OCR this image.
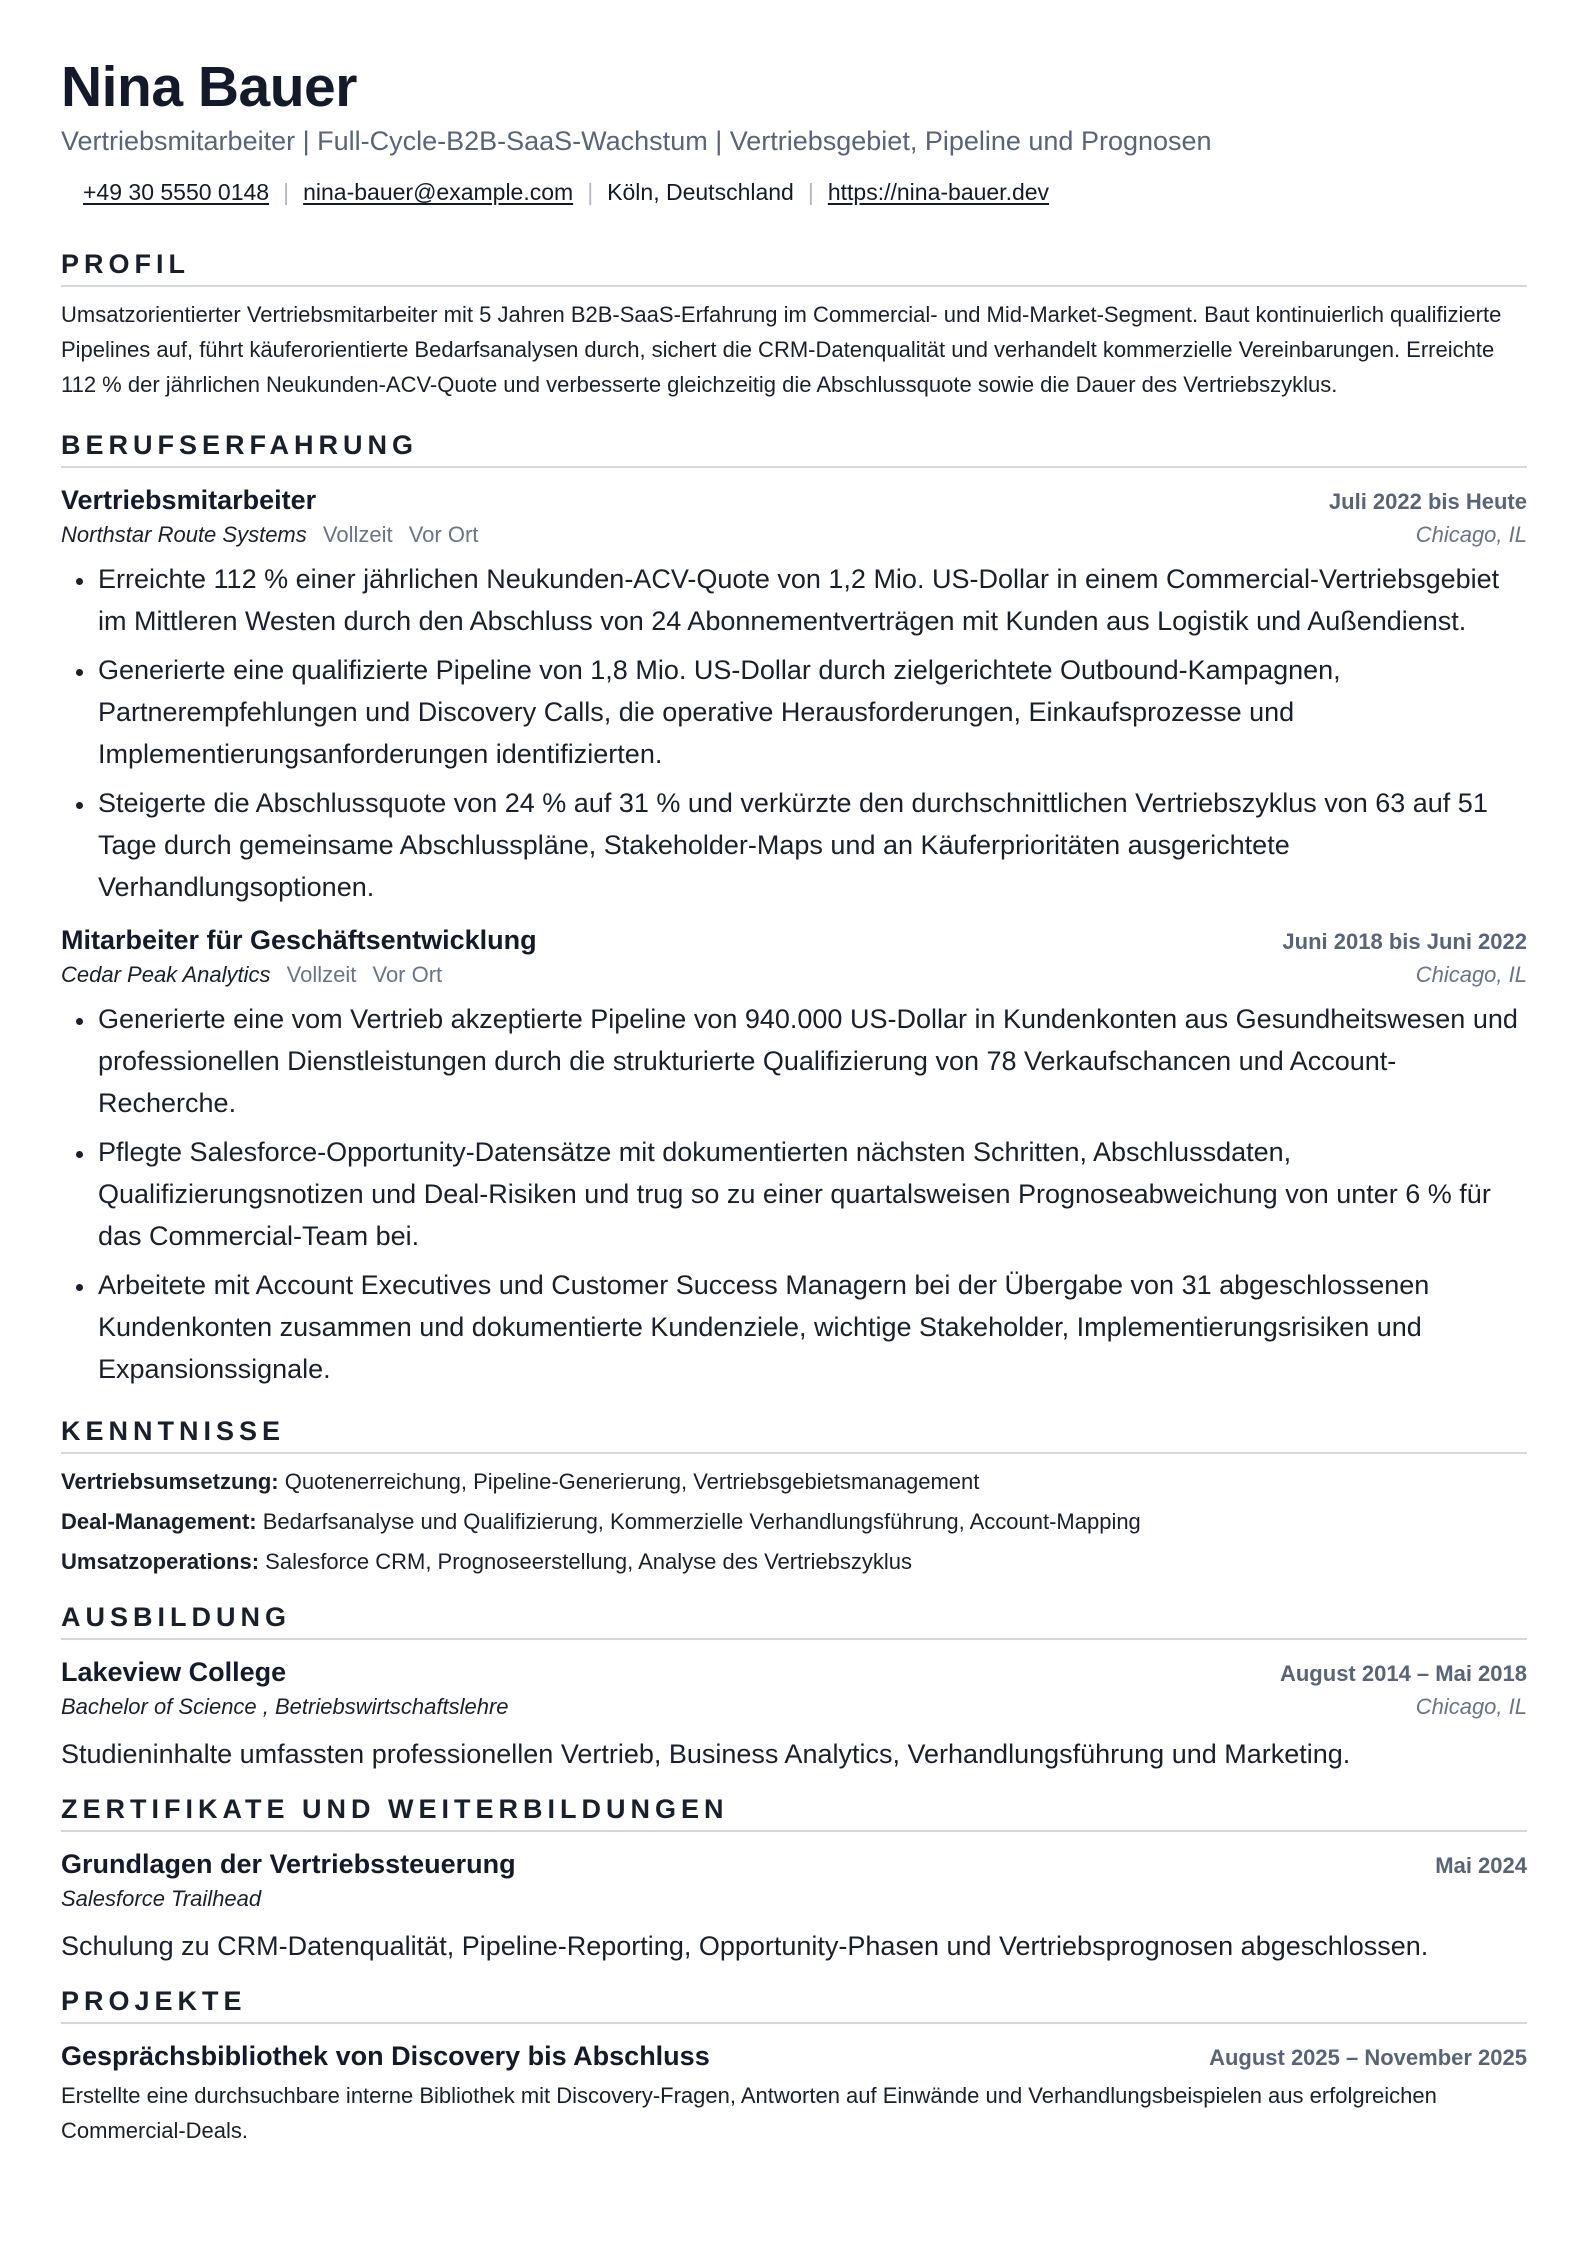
Nina Bauer
Vertriebsmitarbeiter | Full-Cycle-B2B-SaaS-Wachstum | Vertriebsgebiet, Pipeline und Prognosen
+49 30 5550 0148 | nina-bauer@example.com | Köln, Deutschland | https://nina-bauer.dev
PROFIL
Umsatzorientierter Vertriebsmitarbeiter mit 5 Jahren B2B-SaaS-Erfahrung im Commercial- und Mid-Market-Segment. Baut kontinuierlich qualifizierte Pipelines auf, führt käuferorientierte Bedarfsanalysen durch, sichert die CRM-Datenqualität und verhandelt kommerzielle Vereinbarungen. Erreichte 112 % der jährlichen Neukunden-ACV-Quote und verbesserte gleichzeitig die Abschlussquote sowie die Dauer des Vertriebszyklus.
BERUFSERFAHRUNG
Vertriebsmitarbeiter	Juli 2022 bis Heute
Northstar Route Systems Vollzeit Vor Ort	Chicago, IL
• Erreichte 112 % einer jährlichen Neukunden-ACV-Quote von 1,2 Mio. US-Dollar in einem Commercial-Vertriebsgebiet im Mittleren Westen durch den Abschluss von 24 Abonnementverträgen mit Kunden aus Logistik und Außendienst.
• Generierte eine qualifizierte Pipeline von 1,8 Mio. US-Dollar durch zielgerichtete Outbound-Kampagnen, Partnerempfehlungen und Discovery Calls, die operative Herausforderungen, Einkaufsprozesse und Implementierungsanforderungen identifizierten.
• Steigerte die Abschlussquote von 24 % auf 31 % und verkürzte den durchschnittlichen Vertriebszyklus von 63 auf 51 Tage durch gemeinsame Abschlusspläne, Stakeholder-Maps und an Käuferprioritäten ausgerichtete Verhandlungsoptionen.
Mitarbeiter für Geschäftsentwicklung	Juni 2018 bis Juni 2022
Cedar Peak Analytics Vollzeit Vor Ort	Chicago, IL
• Generierte eine vom Vertrieb akzeptierte Pipeline von 940.000 US-Dollar in Kundenkonten aus Gesundheitswesen und professionellen Dienstleistungen durch die strukturierte Qualifizierung von 78 Verkaufschancen und Account-Recherche.
• Pflegte Salesforce-Opportunity-Datensätze mit dokumentierten nächsten Schritten, Abschlussdaten, Qualifizierungsnotizen und Deal-Risiken und trug so zu einer quartalsweisen Prognoseabweichung von unter 6 % für das Commercial-Team bei.
• Arbeitete mit Account Executives und Customer Success Managern bei der Übergabe von 31 abgeschlossenen Kundenkonten zusammen und dokumentierte Kundenziele, wichtige Stakeholder, Implementierungsrisiken und Expansionssignale.
KENNTNISSE
Vertriebsumsetzung: Quotenerreichung, Pipeline-Generierung, Vertriebsgebietsmanagement
Deal-Management: Bedarfsanalyse und Qualifizierung, Kommerzielle Verhandlungsführung, Account-Mapping
Umsatzoperations: Salesforce CRM, Prognoseerstellung, Analyse des Vertriebszyklus
AUSBILDUNG
Lakeview College	August 2014 – Mai 2018
Bachelor of Science , Betriebswirtschaftslehre	Chicago, IL
Studieninhalte umfassten professionellen Vertrieb, Business Analytics, Verhandlungsführung und Marketing.
ZERTIFIKATE UND WEITERBILDUNGEN
Grundlagen der Vertriebssteuerung	Mai 2024
Salesforce Trailhead
Schulung zu CRM-Datenqualität, Pipeline-Reporting, Opportunity-Phasen und Vertriebsprognosen abgeschlossen.
PROJEKTE
Gesprächsbibliothek von Discovery bis Abschluss	August 2025 – November 2025
Erstellte eine durchsuchbare interne Bibliothek mit Discovery-Fragen, Antworten auf Einwände und Verhandlungsbeispielen aus erfolgreichen Commercial-Deals.
